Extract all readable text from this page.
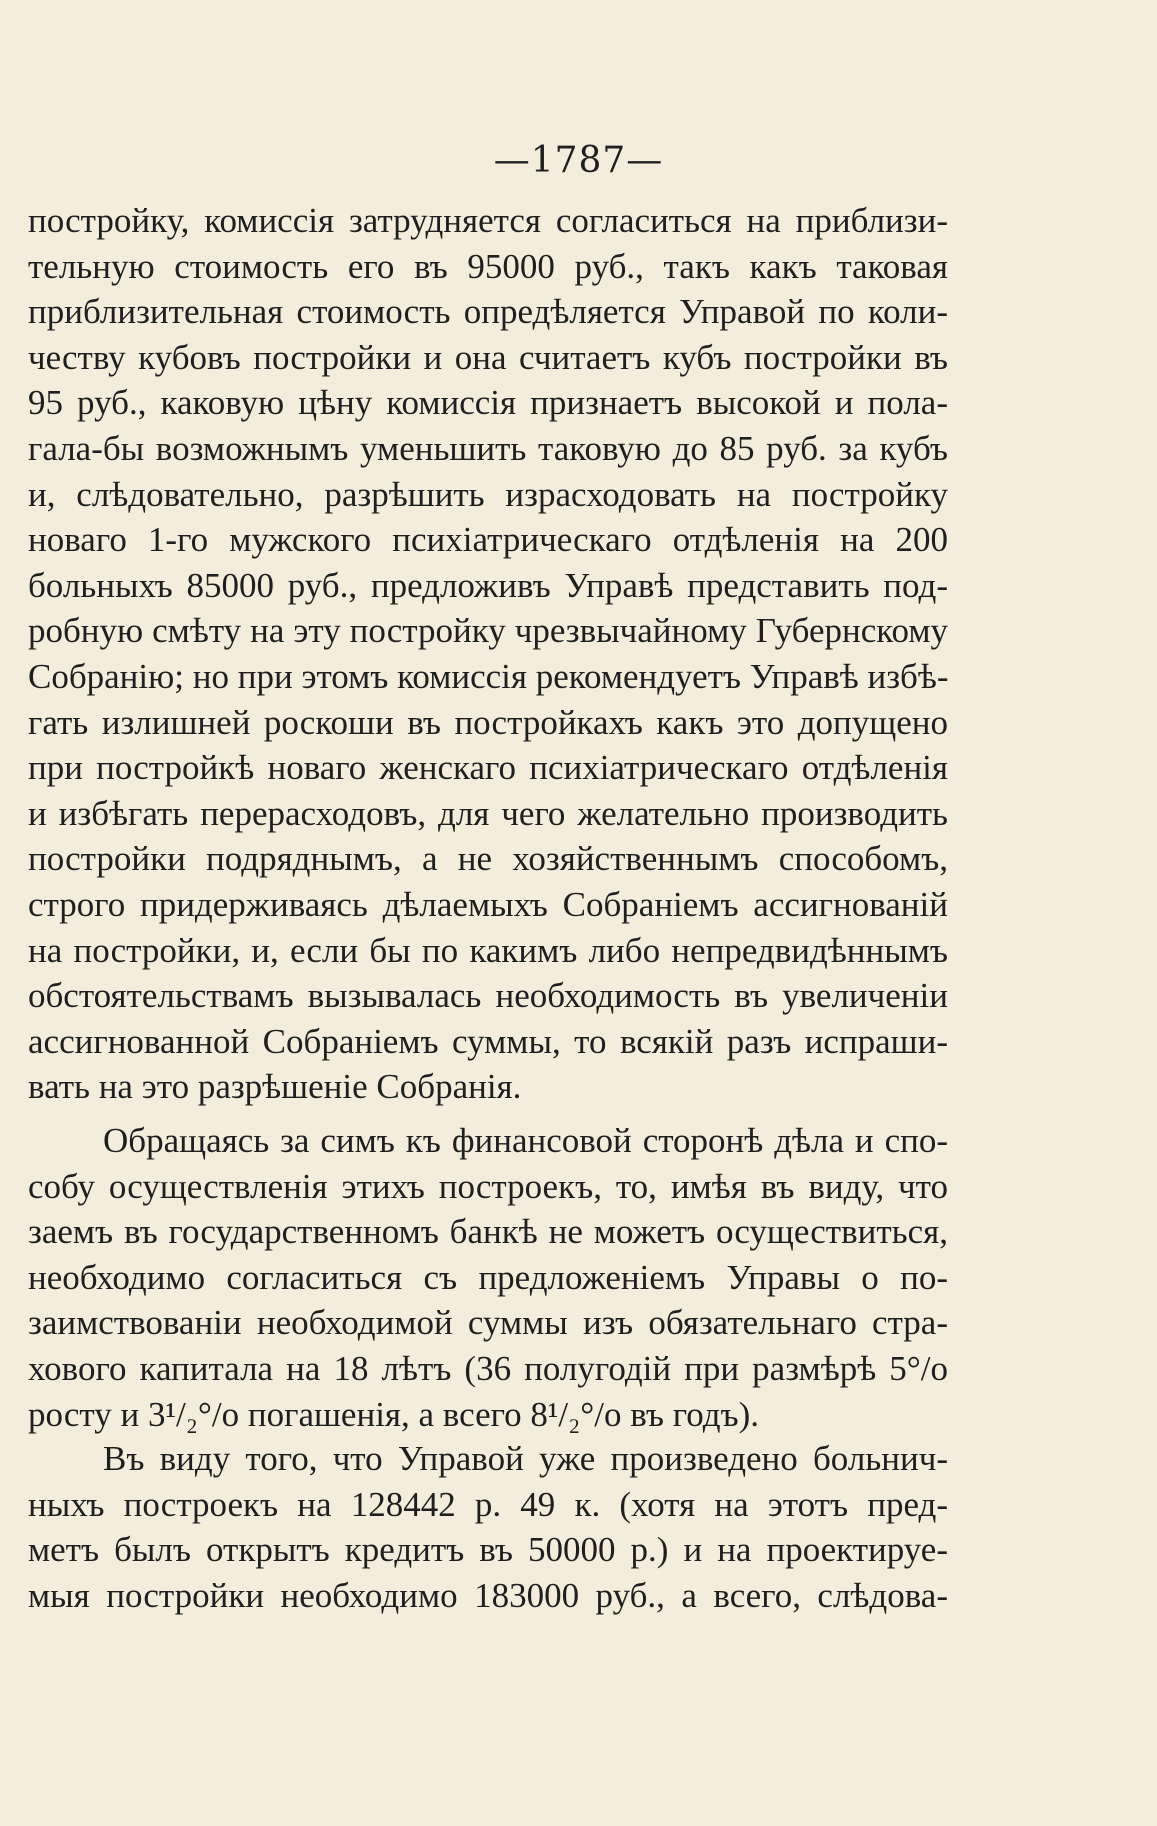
—1787—
постройку, комиссія затрудняется согласиться на приблизи-
тельную стоимость его въ 95000 руб., такъ какъ таковая
приблизительная стоимость опредѣляется Управой по коли-
честву кубовъ постройки и она считаетъ кубъ постройки въ
95 руб., каковую цѣну комиссія признаетъ высокой и пола-
гала-бы возможнымъ уменьшить таковую до 85 руб. за кубъ
и, слѣдовательно, разрѣшить израсходовать на постройку
новаго 1-го мужского психіатрическаго отдѣленія на 200
больныхъ 85000 руб., предложивъ Управѣ представить под-
робную смѣту на эту постройку чрезвычайному Губернскому
Собранію; но при этомъ комиссія рекомендуетъ Управѣ избѣ-
гать излишней роскоши въ постройкахъ какъ это допущено
при постройкѣ новаго женскаго психіатрическаго отдѣленія
и избѣгать перерасходовъ, для чего желательно производить
постройки подряднымъ, а не хозяйственнымъ способомъ,
строго придерживаясь дѣлаемыхъ Собраніемъ ассигнованій
на постройки, и, если бы по какимъ либо непредвидѣннымъ
обстоятельствамъ вызывалась необходимость въ увеличеніи
ассигнованной Собраніемъ суммы, то всякій разъ испраши-
вать на это разрѣшеніе Собранія.
Обращаясь за симъ къ финансовой сторонѣ дѣла и спо-
собу осуществленія этихъ построекъ, то, имѣя въ виду, что
заемъ въ государственномъ банкѣ не можетъ осуществиться,
необходимо согласиться съ предложеніемъ Управы о по-
заимствованіи необходимой суммы изъ обязательнаго стра-
хового капитала на 18 лѣтъ (36 полугодій при размѣрѣ 5°/о
росту и 3¹/₂°/о погашенія, а всего 8¹/₂°/о въ годъ).
Въ виду того, что Управой уже произведено больнич-
ныхъ построекъ на 128442 р. 49 к. (хотя на этотъ пред-
метъ былъ открытъ кредитъ въ 50000 р.) и на проектируе-
мыя постройки необходимо 183000 руб., а всего, слѣдова-
